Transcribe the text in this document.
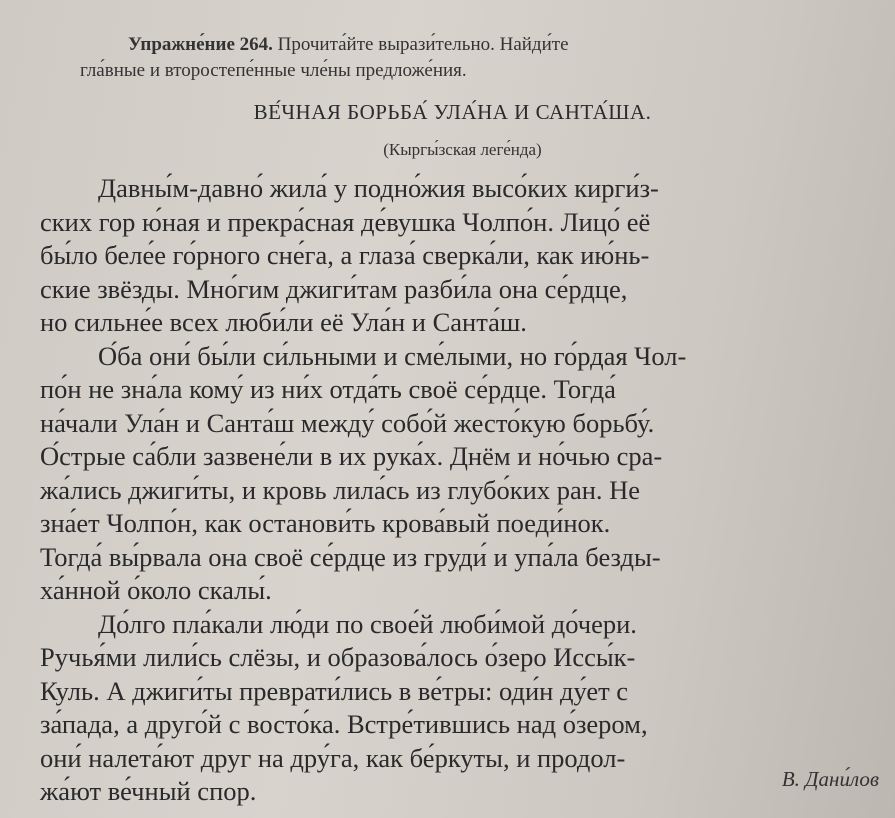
Упражне́ние 264. Прочита́йте вырази́тельно. Найди́те
гла́вные и второстепе́нные чле́ны предложе́ния.
ВЕ́ЧНАЯ БОРЬБА́ УЛА́НА И САНТА́ША.
(Кыргы́зская леге́нда)
Давны́м-давно́ жила́ у подно́жия высо́ких кирги́з-
ских гор ю́ная и прекра́сная де́вушка Чолпо́н. Лицо́ её
бы́ло беле́е го́рного сне́га, а глаза́ сверка́ли, как ию́нь-
ские звёзды. Мно́гим джиги́там разби́ла она се́рдце,
но сильне́е всех люби́ли её Ула́н и Санта́ш.
О́ба они́ бы́ли си́льными и сме́лыми, но го́рдая Чол-
по́н не зна́ла кому́ из ни́х отда́ть своё се́рдце. Тогда́
на́чали Ула́н и Санта́ш между́ собо́й жесто́кую борьбу́.
О́стрые са́бли зазвене́ли в их рука́х. Днём и но́чью сра-
жа́лись джиги́ты, и кровь лила́сь из глубо́ких ран. Не
зна́ет Чолпо́н, как останови́ть крова́вый поеди́нок.
Тогда́ вы́рвала она своё се́рдце из груди́ и упа́ла безды-
ха́нной о́коло скалы́.
До́лго пла́кали лю́ди по свое́й люби́мой до́чери.
Ручья́ми лили́сь слёзы, и образова́лось о́зеро Иссы́к-
Куль. А джиги́ты преврати́лись в ве́тры: оди́н ду́ет с
за́пада, а друго́й с восто́ка. Встре́тившись над о́зером,
они́ налета́ют друг на дру́га, как бе́ркуты, и продол-
жа́ют ве́чный спор.	В. Дани́лов
